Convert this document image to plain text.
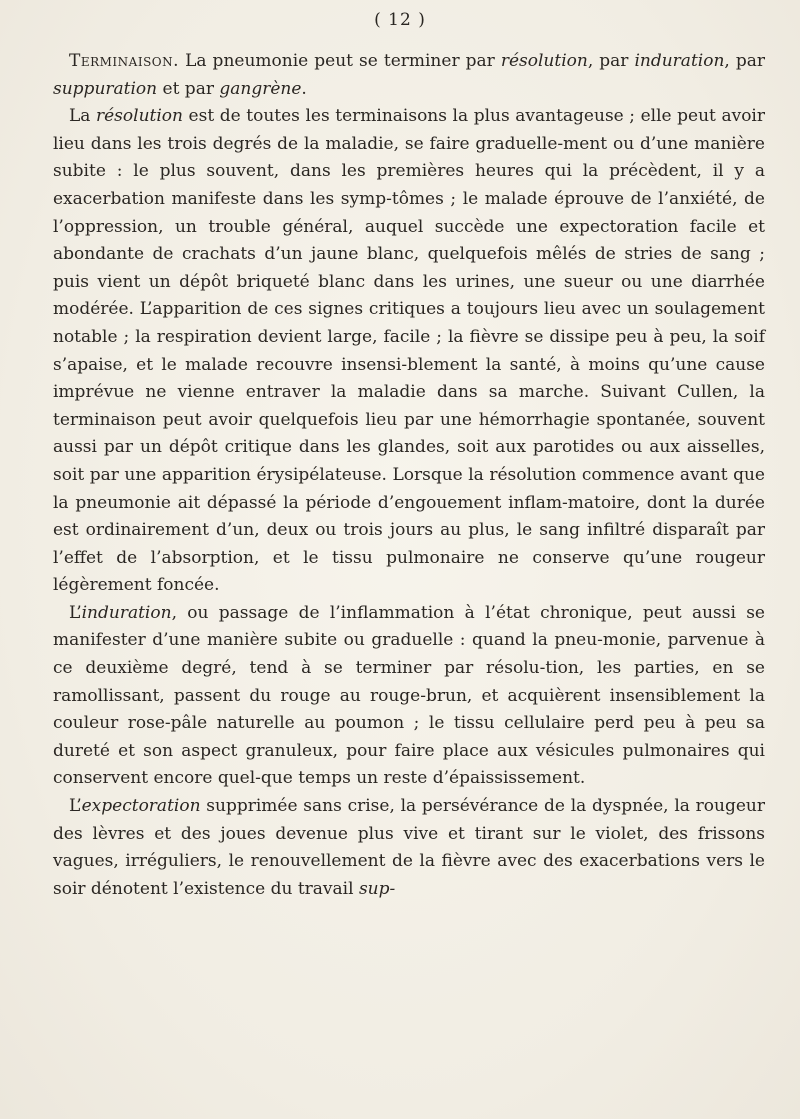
( 12 )

Terminaison. La pneumonie peut se terminer par résolution, par induration, par suppuration et par gangrène.

La résolution est de toutes les terminaisons la plus avantageuse ; elle peut avoir lieu dans les trois degrés de la maladie, se faire graduelle-ment ou d’une manière subite : le plus souvent, dans les premières heures qui la précèdent, il y a exacerbation manifeste dans les symp-tômes ; le malade éprouve de l’anxiété, de l’oppression, un trouble général, auquel succède une expectoration facile et abondante de crachats d’un jaune blanc, quelquefois mêlés de stries de sang ; puis vient un dépôt briqueté blanc dans les urines, une sueur ou une diarrhée modérée. L’apparition de ces signes critiques a toujours lieu avec un soulagement notable ; la respiration devient large, facile ; la fièvre se dissipe peu à peu, la soif s’apaise, et le malade recouvre insensi-blement la santé, à moins qu’une cause imprévue ne vienne entraver la maladie dans sa marche. Suivant Cullen, la terminaison peut avoir quelquefois lieu par une hémorrhagie spontanée, souvent aussi par un dépôt critique dans les glandes, soit aux parotides ou aux aisselles, soit par une apparition érysipélateuse. Lorsque la résolution commence avant que la pneumonie ait dépassé la période d’engouement inflam-matoire, dont la durée est ordinairement d’un, deux ou trois jours au plus, le sang infiltré disparaît par l’effet de l’absorption, et le tissu pulmonaire ne conserve qu’une rougeur légèrement foncée.

L’induration, ou passage de l’inflammation à l’état chronique, peut aussi se manifester d’une manière subite ou graduelle : quand la pneu-monie, parvenue à ce deuxième degré, tend à se terminer par résolu-tion, les parties, en se ramollissant, passent du rouge au rouge-brun, et acquièrent insensiblement la couleur rose-pâle naturelle au poumon ; le tissu cellulaire perd peu à peu sa dureté et son aspect granuleux, pour faire place aux vésicules pulmonaires qui conservent encore quel-que temps un reste d’épaississement.

L’expectoration supprimée sans crise, la persévérance de la dyspnée, la rougeur des lèvres et des joues devenue plus vive et tirant sur le violet, des frissons vagues, irréguliers, le renouvellement de la fièvre avec des exacerbations vers le soir dénotent l’existence du travail sup-
